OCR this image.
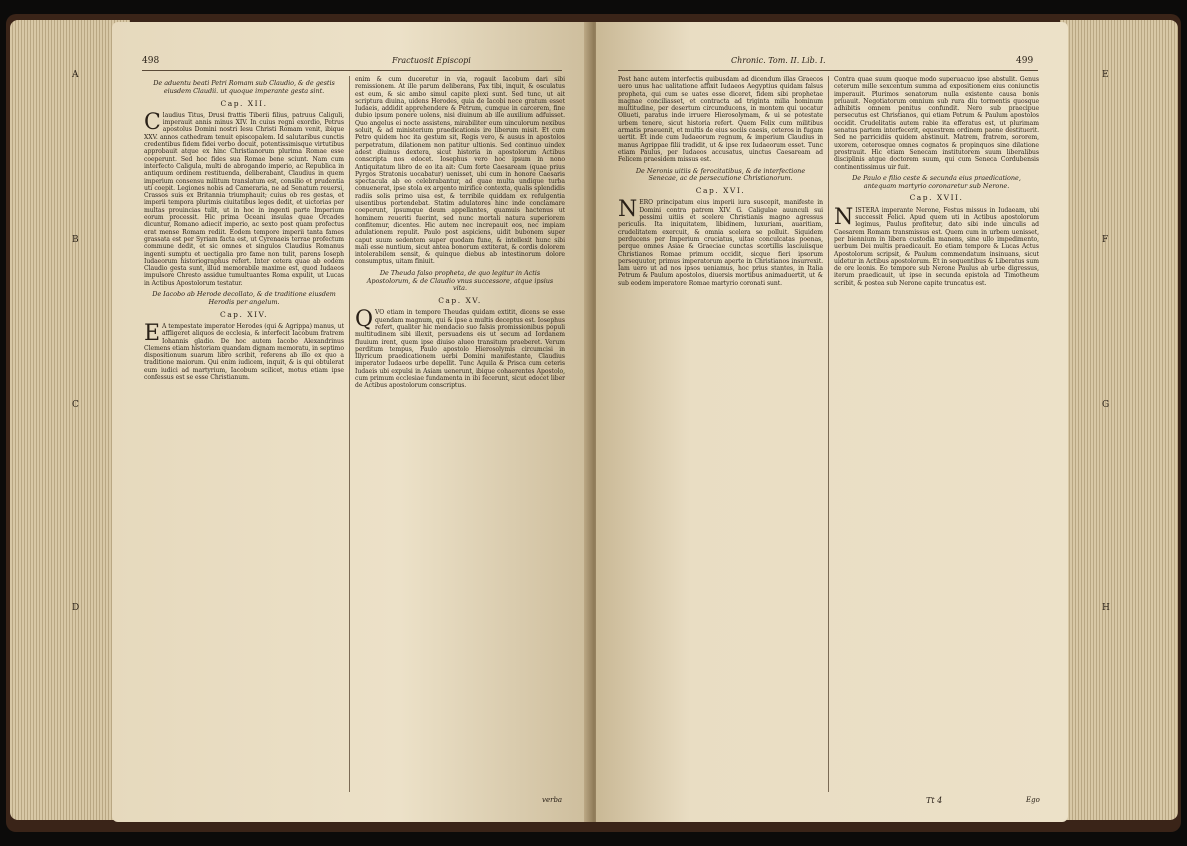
498	Fractuosit Episcopi
De aduentu beati Petri Romam sub Claudio, & de gestis eiusdem Claudii. ut quoque imperante gesta sint.
Cap. XII.

Claudius Titus, Drusi frattis Tiberii filius, patruus Caliguli, imperauit annis minus XIV. In cuius regni exordio, Petrus apostolus Domini nostri Iesu Christi Romam venit, ibique XXV. annos cathedram tenuit episcopalem. Id salutaribus cunctis credentibus fidem fidei verbo docuit, potentissimisque virtutibus approbauit atque ex hinc Christianorum plurima Romae esse coeperunt. Sed hoc fides sua Romae bene sciunt. Nam cum interfecto Caligula, multi de abrogando imperio, ac Republica in antiquum ordinem restituenda, deliberabant, Claudius in quem imperium consensu militum translatum est, consilio et prudentia uti coepit. Legiones nobis ad Cameraria, ne ad Senatum reuersi, Crassos suis ex Britannia triumphauit; cuius ob res gestas, et imperii tempora plurimis ciuitatibus leges dedit, et uictorias per multas prouincias tulit, ut in hoc in ingenti parte Imperium eorum processit. Hic prima Oceani insulas quae Orcades dicuntur, Romano adiecit imperio, ac sexto post quam profectus erat mense Romam rediit. Eodem tempore imperii tanta fames grassata est per Syriam facta est, ut Cyrenaeis terrae profectum commune dedit, et sic omnes et singulos Claudius Romanus ingenti sumptu et uectigalia pro fame non tulit, parens Ioseph Iudaeorum historiographus refert. Inter cetera quae ab eodem Claudio gesta sunt, illud memorabile maxime est, quod Iudaeos impulsore Chresto assidue tumultuantes Roma expulit, ut Lucas in Actibus Apostolorum testatur.

De Iacobo ab Herode decollato, & de traditione eiusdem Herodis per angelum.
Cap. XIV.

E A tempestate imperator Herodes (qui & Agrippa) manus, ut affligeret aliquos de ecclesia, & interfecit Iacobum fratrem Iohannis gladio. De hoc autem Iacobo Alexandrinus Clemens etiam historiam quandam dignam memoratu, in septimo dispositionum suarum libro scribit, referens ab illo ex quo a traditione maiorum. Qui enim iudicem, inquit, & is qui obtulerat eum iudici ad martyrium, Iacobum scilicet, motus etiam ipse confessus est se esse Christianum.

enim & cum duceretur in via, rogauit Iacobum dari sibi remissionem. At ille parum deliberans, Pax tibi, inquit, & osculatus est eum, & sic ambo simul capite plexi sunt. Sed tunc, ut ait scriptura diuina, uidens Herodes, quia de Iacobi nece gratum esset Iudaeis, addidit apprehendere & Petrum, cumque in carcerem, fine dubio ipsum ponere uolens, nisi diuinum ab ille auxilium adfuisset. Quo angelus ei nocte assistens, mirabiliter eum uinculorum nexibus soluit, & ad ministerium praedicationis ire liberum misit. Et cum Petro quidem hoc ita gestum sit, Regis vero, & ausus in apostolos perpetratum, dilationem non patitur ultionis. Sed continuo uindex adest diuinus dextera, sicut historia in apostolorum Actibus conscripta nos edocet. Iosephus vero hoc ipsum in nono Antiquitatum libro de eo ita ait: Cum forte Caesaream (quae prius Pyrgos Stratonis uocabatur) uenisset, ubi cum in honore Caesaris spectacula ab eo celebrabantur, ad quae multa undique turba conuenerat, ipse stola ex argento mirifice contexta, qualis splendidis radiis solis primo uisa est, & terribile quiddam ex refulgentia uisentibus portendebat. Statim adulatores hinc inde conclamare coeperunt, ipsumque deum appellantes, quamuis hactenus ut hominem reueriti fuerint, sed nunc mortali natura superiorem confitemur, dicentes. Hic autem nec increpauit eos, nec impiam adulationem repulit. Paulo post aspiciens, uidit bubonem super caput suum sedentem super quodam fune, & intellexit hunc sibi mali esse nuntium, sicut antea bonorum extiterat, & cordis dolorem intolerabilem sensit, & quinque diebus ab intestinorum dolore consumptus, uitam finiuit.

De Theuda falso propheta, de quo legitur in Actis Apostolorum, & de Claudio vnus successore, atque ipsius vita.
Cap. XV.

QVO etiam in tempore Theudas quidam extitit, dicens se esse quendam magnum, qui & ipse a multis deceptus est. Iosephus refert, qualiter hic mendacio suo falsis promissionibus populi multitudinem sibi illexit, persuadens eis ut secum ad Iordanem fluuium irent, quem ipse diuiso alueo transitum praeberet. Verum perditum tempus, Paulo apostolo Hierosolymis circumcisi in Illyricum praedicationem uerbi Domini manifestante, Claudius imperator Iudaeos urbe depellit. Tunc Aquila & Prisca cum ceteris Iudaeis ubi expulsi in Asiam uenerunt, ibique cohaerentes Apostolo, cum primum ecclesiae fundamenta in ibi fecerunt, sicut edocet liber de Actibus apostolorum conscriptus.

verba
A
B
C
D
Chronic. Tom. II. Lib. I.	499

Post hanc autem interfectis quibusdam ad dicendum illas Graecos uero unus hac ualitatione affixit Iudaeos Aegyptius quidam falsus propheta, qui cum se uates esse diceret, fidem sibi prophetae magnae conciliasset, et contracta ad triginta milia hominum multitudine, per desertum circumducens, in montem qui uocatur Oliueti, paratus inde irruere Hierosolymam, & ui se potestate urbem tenere, sicut historia refert. Quem Felix cum militibus armatis praeuenit, et multis de eius sociis caesis, ceteros in fugam uertit. Et inde cum Iudaeorum regnum, & imperium Claudius in manus Agrippae filii tradidit, ut & ipse rex Iudaeorum esset. Tunc etiam Paulus, per Iudaeos accusatus, uinctus Caesaream ad Felicem praesidem missus est.

De Neronis uitiis & ferocitatibus, & de interfectione Senecae, ac de persecutione Christianorum.
Cap. XVI.

NERO principatum eius imperii iura suscepit, manifeste in Domini contra patrem XIV. G. Caligulae auunculi sui pessimi uitiis et scelere Christianis magno agressus periculis. Ita iniquitatem, libidinem, luxuriam, auaritiam, crudelitatem exercuit, & omnia scelera se polluit. Siquidem perducens per Imperium cruciatus, uitae conculcatas poenas, perque omnes Asiae & Graeciae cunctas scortillis lasciuiisque Christianos Romae primum occidit, sicque fieri ipsorum persequutor, primus imperatorum aperte in Christianos insurrexit. Iam uero ut ad nos ipsos ueniamus, hoc prius stantes, in Italia Petrum & Paulum apostolos, diuersis mortibus animaduertit, ut & sub eodem imperatore Romae martyrio coronati sunt.

Contra quae suum quoque modo superuacuo ipse abstulit. Genus ceterum mille sexcentum summa ad expositionem eius coniunctis imperauit. Plurimos senatorum nulla existente causa bonis priuauit. Negotiatorum omnium sub rura diu tormentis quosque adhibitis omnem penitus confundit. Nero sub praecipue persecutus est Christianos, qui etiam Petrum & Paulum apostolos occidit. Crudelitatis autem rabie ita efferatus est, ut plurimam senatus partem interfecerit, equestrem ordinem paene destituerit. Sed ne parricidiis quidem abstinuit. Matrem, fratrem, sororem, uxorem, ceterosque omnes cognatos & propinquos sine dilatione prostrauit. Hic etiam Senecam institutorem suum liberalibus disciplinis atque doctorem suum, qui cum Seneca Cordubensis continentissimus uir fuit.

De Paulo e filio ceste & secunda eius praedicatione, antequam martyrio coronaretur sub Nerone.
Cap. XVII.

NISTERA imperante Nerone, Festus missus in Iudaeam, ubi successit Felici. Apud quem uti in Actibus apostolorum legimus, Paulus profitetur, dato sibi inde uinculis ad Caesarem Romam transmissus est. Quem cum in urbem uenisset, per biennium in libera custodia manens, sine ullo impedimento, uerbum Dei multis praedicauit. Eo etiam tempore & Lucas Actus Apostolorum scripsit, & Paulum commendatum insinuans, sicut uidetur in Actibus apostolorum. Et in sequentibus & Liberatus sum de ore leonis. Eo tempore sub Nerone Paulus ab urbe digressus, iterum praedicauit, ut ipse in secunda epistola ad Timotheum scribit, & postea sub Nerone capite truncatus est.

Tt 4	Ego
E
F
G
H
